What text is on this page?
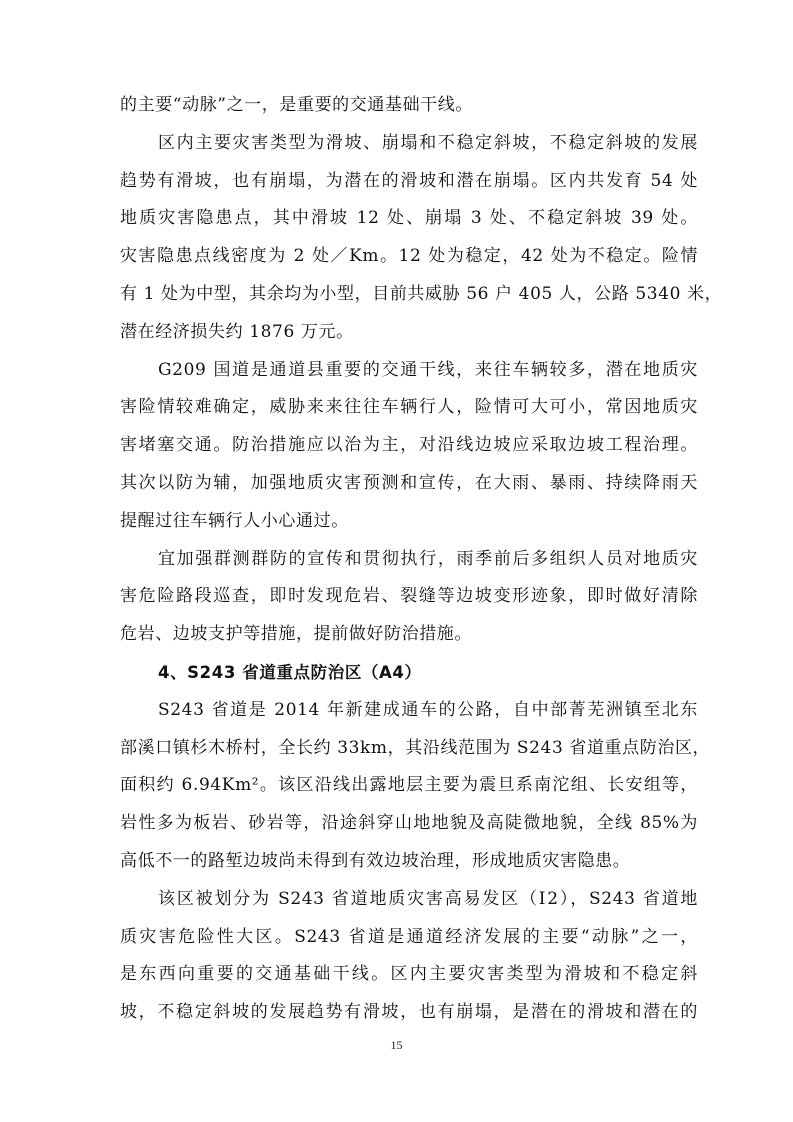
的主要“动脉”之一，是重要的交通基础干线。
区内主要灾害类型为滑坡、崩塌和不稳定斜坡，不稳定斜坡的发展
趋势有滑坡，也有崩塌，为潜在的滑坡和潜在崩塌。区内共发育 54 处
地质灾害隐患点，其中滑坡 12 处、崩塌 3 处、不稳定斜坡 39 处。
灾害隐患点线密度为 2 处／Km。12 处为稳定，42 处为不稳定。险情
有 1 处为中型，其余均为小型，目前共威胁 56 户 405 人，公路 5340 米，
潜在经济损失约 1876 万元。
G209 国道是通道县重要的交通干线，来往车辆较多，潜在地质灾
害险情较难确定，威胁来来往往车辆行人，险情可大可小，常因地质灾
害堵塞交通。防治措施应以治为主，对沿线边坡应采取边坡工程治理。
其次以防为辅，加强地质灾害预测和宣传，在大雨、暴雨、持续降雨天
提醒过往车辆行人小心通过。
宜加强群测群防的宣传和贯彻执行，雨季前后多组织人员对地质灾
害危险路段巡查，即时发现危岩、裂缝等边坡变形迹象，即时做好清除
危岩、边坡支护等措施，提前做好防治措施。
4、S243 省道重点防治区（A4）
S243 省道是 2014 年新建成通车的公路，自中部菁芜洲镇至北东
部溪口镇杉木桥村，全长约 33km，其沿线范围为 S243 省道重点防治区，
面积约 6.94Km²。该区沿线出露地层主要为震旦系南沱组、长安组等，
岩性多为板岩、砂岩等，沿途斜穿山地地貌及高陡微地貌，全线 85%为
高低不一的路堑边坡尚未得到有效边坡治理，形成地质灾害隐患。
该区被划分为 S243 省道地质灾害高易发区（Ⅰ2），S243 省道地
质灾害危险性大区。S243 省道是通道经济发展的主要“动脉”之一，
是东西向重要的交通基础干线。区内主要灾害类型为滑坡和不稳定斜
坡，不稳定斜坡的发展趋势有滑坡，也有崩塌，是潜在的滑坡和潜在的
15
